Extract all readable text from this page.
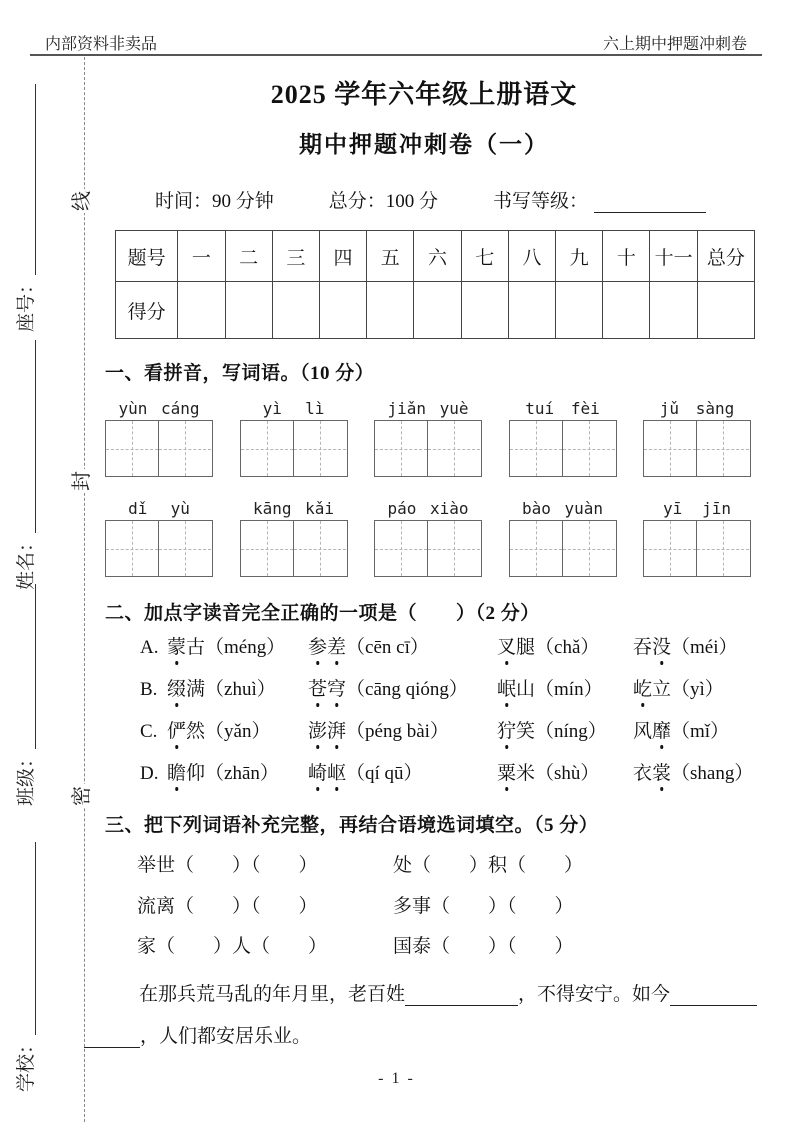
内部资料非卖品	六上期中押题冲刺卷
线
封
密
座号：
姓名：
班级：
学校：
2025 学年六年级上册语文
期中押题冲刺卷（一）
时间：90 分钟	总分：100 分	书写等级：
题号	一	二	三	四	五	六	七	八	九	十	十一	总分
得分												
一、看拼音，写词语。（10 分）
yùn cáng	yì lì	jiǎn yuè	tuí fèi	jǔ sàng
dǐ yù	kāng kǎi	páo xiào	bào yuàn	yī jīn
二、加点字读音完全正确的一项是（　　）（2 分）
A. 蒙古（méng）	参差（cēn cī）	叉腿（chǎ）	吞没（méi）
B. 缀满（zhuì）	苍穹（cāng qióng）	岷山（mín）	屹立（yì）
C. 俨然（yǎn）	澎湃（péng bài）	狞笑（níng）	风靡（mǐ）
D. 瞻仰（zhān）	崎岖（qí qū）	粟米（shù）	衣裳（shang）
三、把下列词语补充完整，再结合语境选词填空。（5 分）
举世（　　）（　　）	处（　　）积（　　）
流离（　　）（　　）	多事（　　）（　　）
家（　　）人（　　）	国泰（　　）（　　）
在那兵荒马乱的年月里，老百姓	，不得安宁。如今
，人们都安居乐业。
- 1 -
